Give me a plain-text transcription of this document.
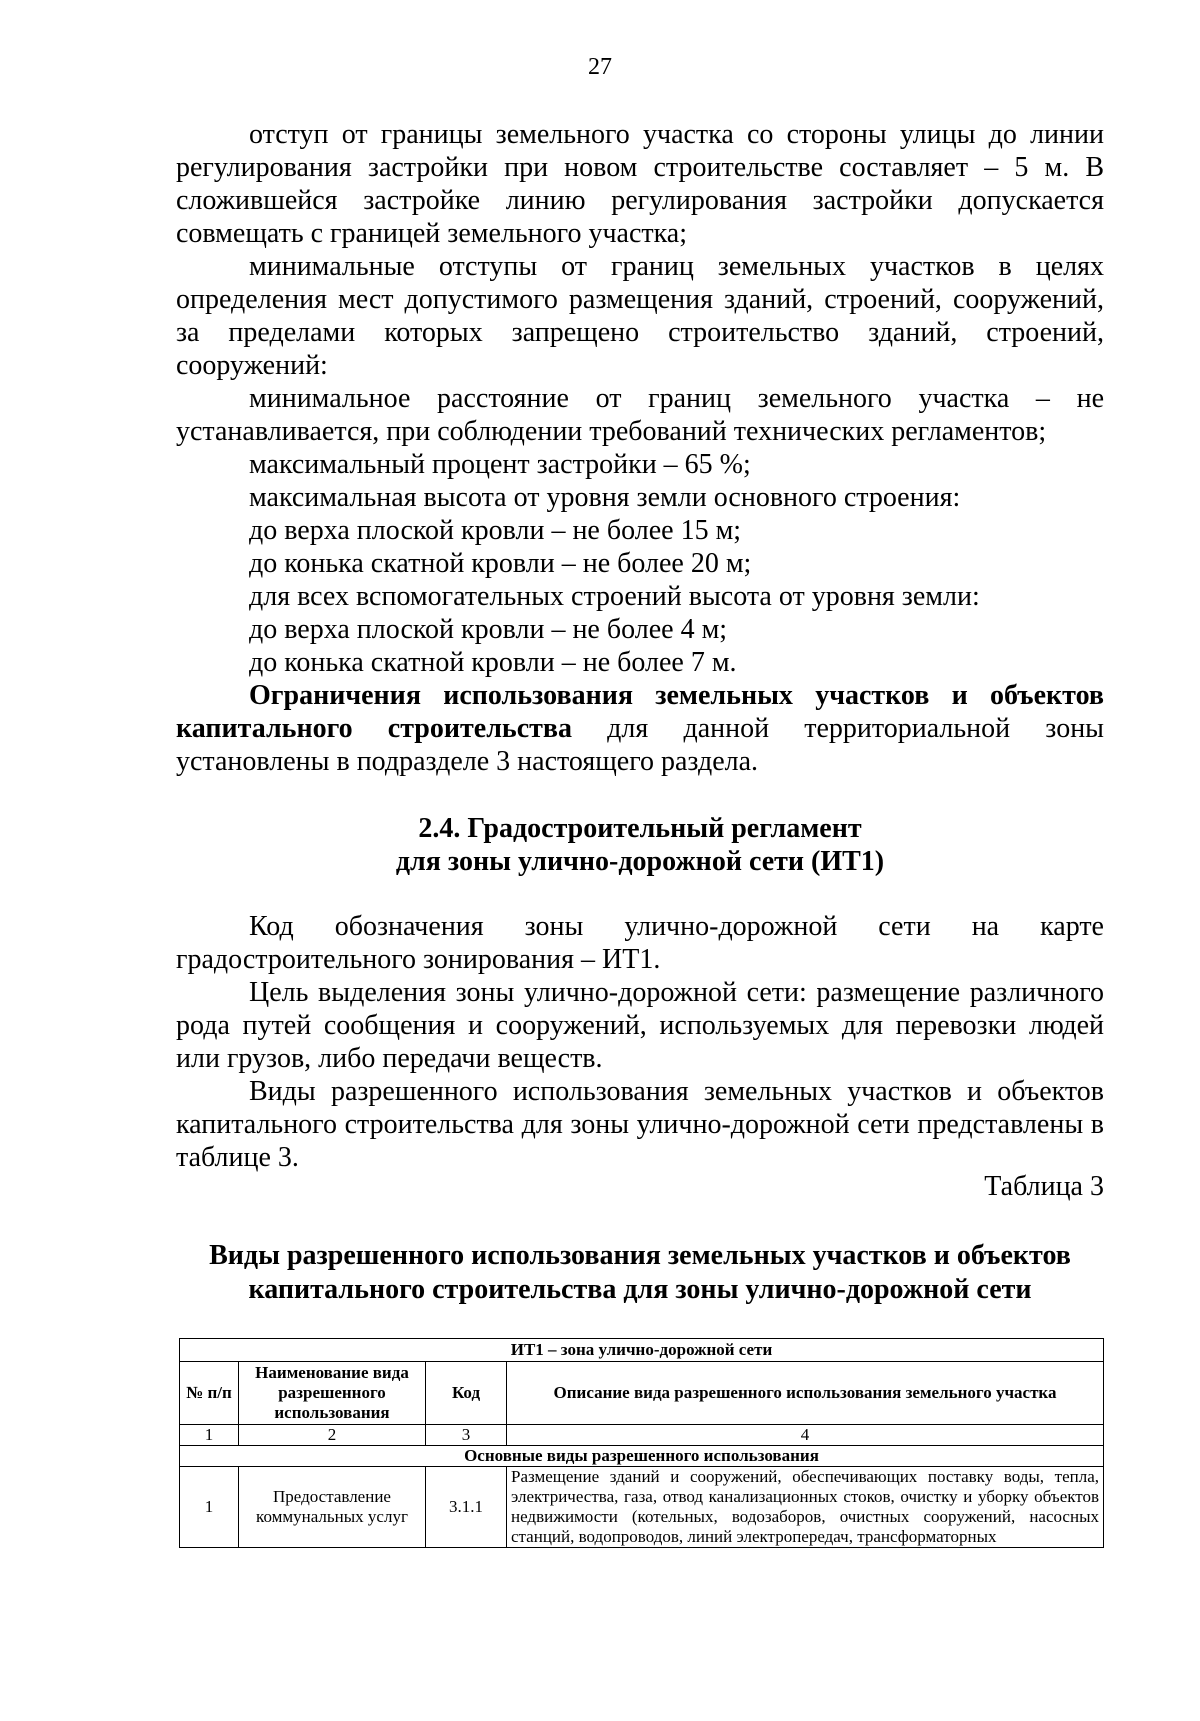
27

отступ от границы земельного участка со стороны улицы до линии регулирования застройки при новом строительстве составляет – 5 м. В сложившейся застройке линию регулирования застройки допускается совмещать с границей земельного участка;

минимальные отступы от границ земельных участков в целях определения мест допустимого размещения зданий, строений, сооружений, за пределами которых запрещено строительство зданий, строений, сооружений:

минимальное расстояние от границ земельного участка – не устанавливается, при соблюдении требований технических регламентов;

максимальный процент застройки – 65 %;

максимальная высота от уровня земли основного строения:

до верха плоской кровли – не более 15 м;

до конька скатной кровли – не более 20 м;

для всех вспомогательных строений высота от уровня земли:

до верха плоской кровли – не более 4 м;

до конька скатной кровли – не более 7 м.

Ограничения использования земельных участков и объектов капитального строительства для данной территориальной зоны установлены в подразделе 3 настоящего раздела.

2.4. Градостроительный регламент
для зоны улично-дорожной сети (ИТ1)

Код обозначения зоны улично-дорожной сети на карте градостроительного зонирования – ИТ1.

Цель выделения зоны улично-дорожной сети: размещение различного рода путей сообщения и сооружений, используемых для перевозки людей или грузов, либо передачи веществ.

Виды разрешенного использования земельных участков и объектов капитального строительства для зоны улично-дорожной сети представлены в таблице 3.

Таблица 3
Виды разрешенного использования земельных участков и объектов
капитального строительства для зоны улично-дорожной сети
ИТ1 – зона улично-дорожной сети			
№ п/п	Наименование вида разрешенного использования	Код	Описание вида разрешенного использования земельного участка
1	2	3	4
Основные виды разрешенного использования			
1	Предоставление коммунальных услуг	3.1.1	Размещение зданий и сооружений, обеспечивающих поставку воды, тепла, электричества, газа, отвод канализационных стоков, очистку и уборку объектов недвижимости (котельных, водозаборов, очистных сооружений, насосных станций, водопроводов, линий электропередач, трансформаторных
